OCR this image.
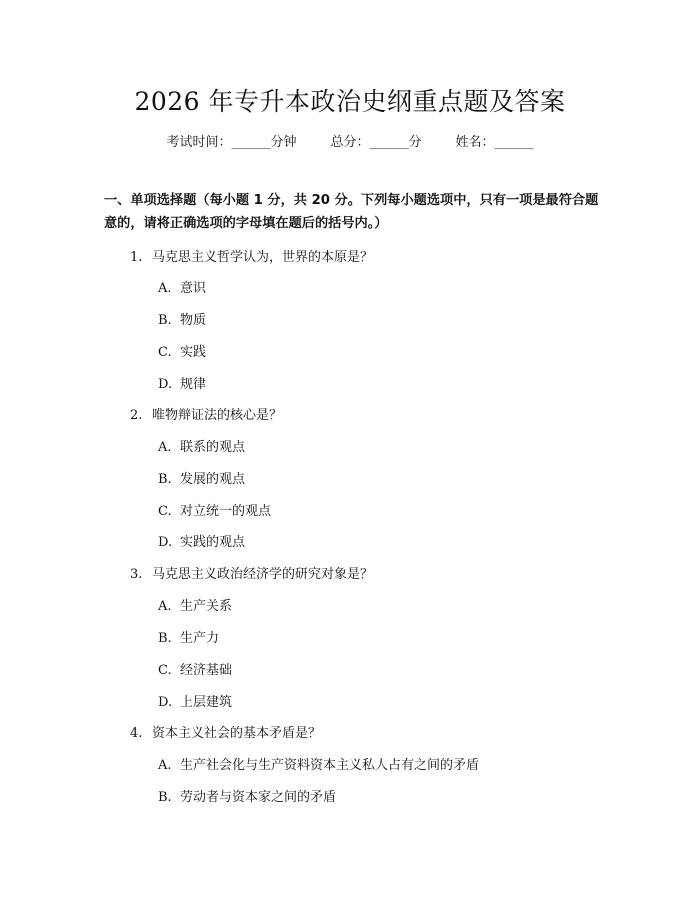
2026 年专升本政治史纲重点题及答案
考试时间：______分钟	总分：______分	姓名：______
一、单项选择题（每小题 1 分，共 20 分。下列每小题选项中，只有一项是最符合题意的，请将正确选项的字母填在题后的括号内。）
1. 马克思主义哲学认为，世界的本原是？
A. 意识
B. 物质
C. 实践
D. 规律
2. 唯物辩证法的核心是？
A. 联系的观点
B. 发展的观点
C. 对立统一的观点
D. 实践的观点
3. 马克思主义政治经济学的研究对象是？
A. 生产关系
B. 生产力
C. 经济基础
D. 上层建筑
4. 资本主义社会的基本矛盾是？
A. 生产社会化与生产资料资本主义私人占有之间的矛盾
B. 劳动者与资本家之间的矛盾
